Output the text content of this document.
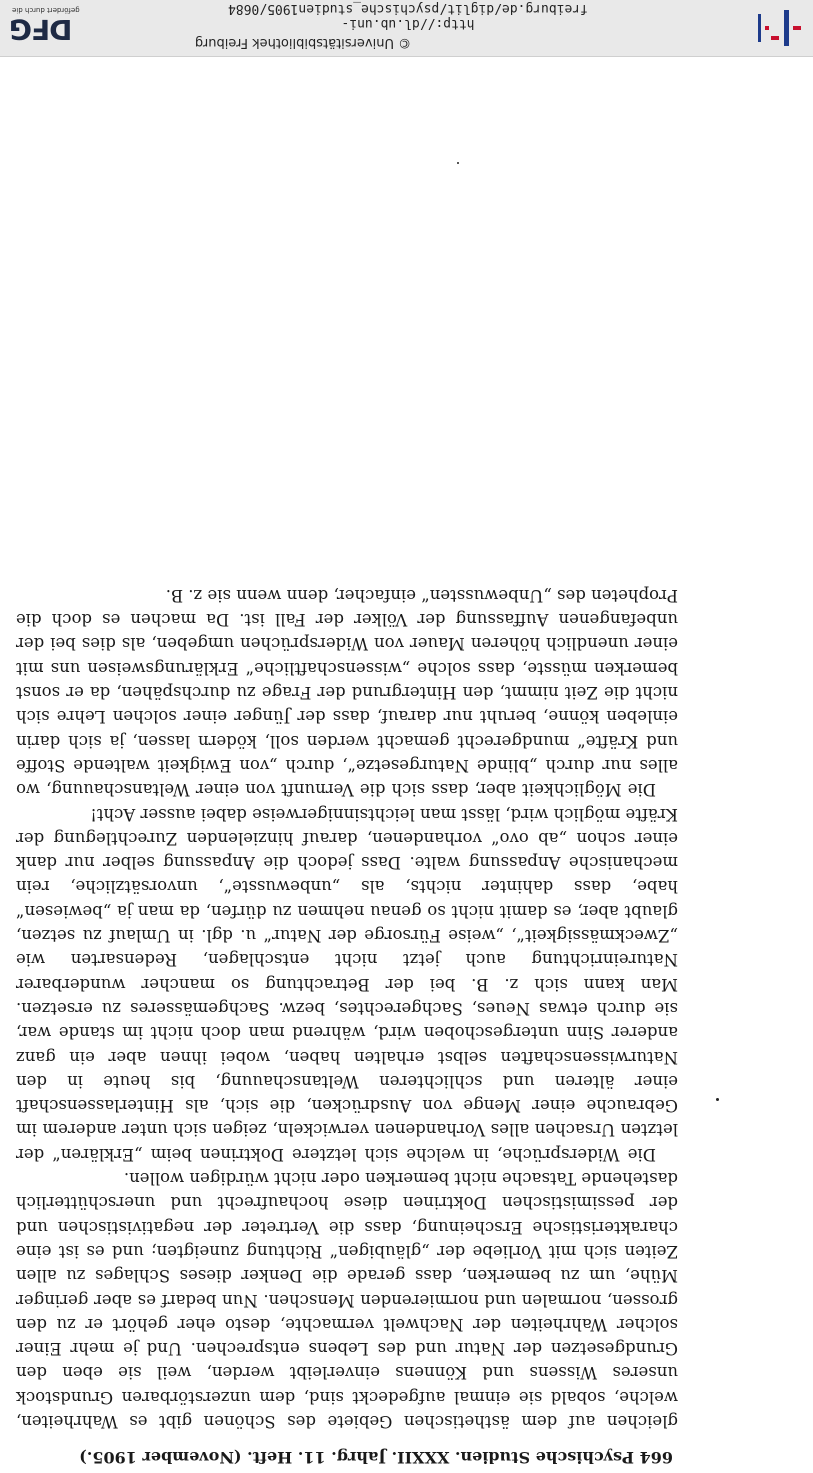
© Universitätsbibliothek Freiburg
http://dl.ub.uni-freiburg.de/diglit/psychische_studien1905/0684
DFG
gefördert durch die
664 Psychische Studien. XXXII. Jahrg. 11. Heft. (November 1905.)

gleichen auf dem ästhetischen Gebiete des Schönen gibt es Wahrheiten, welche, sobald sie einmal aufgedeckt sind, dem unzerstörbaren Grundstock unseres Wissens und Könnens einverleibt werden, weil sie eben den Grundgesetzen der Natur und des Lebens entsprechen. Und je mehr Einer solcher Wahrheiten der Nachwelt vermachte, desto eher gehört er zu den grossen, normalen und normierenden Menschen. Nun bedarf es aber geringer Mühe, um zu bemerken, dass gerade die Denker dieses Schlages zu allen Zeiten sich mit Vorliebe der „gläubigen“ Richtung zuneigten; und es ist eine charakteristische Erscheinung, dass die Vertreter der negativistischen und der pessimistischen Doktrinen diese hochaufrecht und unerschütterlich dastehende Tatsache nicht bemerken oder nicht würdigen wollen.

Die Widersprüche, in welche sich letztere Doktrinen beim „Erklären“ der letzten Ursachen alles Vorhandenen verwickeln, zeigen sich unter anderem im Gebrauche einer Menge von Ausdrücken, die sich, als Hinterlassenschaft einer älteren und schlichteren Weltanschauung, bis heute in den Naturwissenschaften selbst erhalten haben, wobei ihnen aber ein ganz anderer Sinn untergeschoben wird, während man doch nicht im stande war, sie durch etwas Neues, Sachgerechtes, bezw. Sachgemässeres zu ersetzen. Man kann sich z. B. bei der Betrachtung so mancher wunderbarer Natureinrichtung auch jetzt nicht entschlagen, Redensarten wie „Zweckmässigkeit“, „weise Fürsorge der Natur“ u. dgl. in Umlauf zu setzen, glaubt aber, es damit nicht so genau nehmen zu dürfen, da man ja „bewiesen“ habe, dass dahinter nichts, als „unbewusste“, unvorsätzliche, rein mechanische Anpassung walte. Dass jedoch die Anpassung selber nur dank einer schon „ab ovo“ vorhandenen, darauf hinzielenden Zurechtlegung der Kräfte möglich wird, lässt man leichtsinnigerweise dabei ausser Acht!

Die Möglichkeit aber, dass sich die Vernunft von einer Weltanschauung, wo alles nur durch „blinde Naturgesetze“, durch „von Ewigkeit waltende Stoffe und Kräfte“ mundgerecht gemacht werden soll, ködern lassen, ja sich darin einleben könne, beruht nur darauf, dass der Jünger einer solchen Lehre sich nicht die Zeit nimmt, den Hintergrund der Frage zu durchspähen, da er sonst bemerken müsste, dass solche „wissenschaftliche“ Erklärungsweisen uns mit einer unendlich höheren Mauer von Widersprüchen umgeben, als dies bei der unbefangenen Auffassung der Völker der Fall ist. Da machen es doch die Propheten des „Unbewussten“ einfacher, denn wenn sie z. B.
